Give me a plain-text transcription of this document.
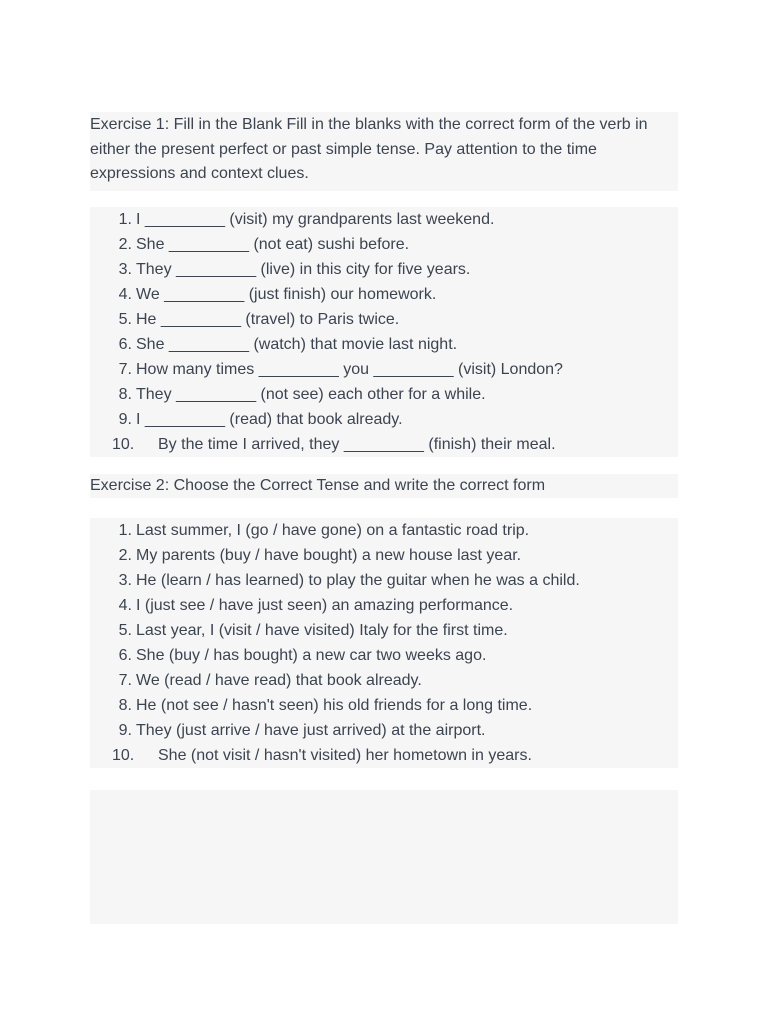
Exercise 1: Fill in the Blank Fill in the blanks with the correct form of the verb in either the present perfect or past simple tense. Pay attention to the time expressions and context clues.
1. I _________ (visit) my grandparents last weekend.
2. She _________ (not eat) sushi before.
3. They _________ (live) in this city for five years.
4. We _________ (just finish) our homework.
5. He _________ (travel) to Paris twice.
6. She _________ (watch) that movie last night.
7. How many times _________ you _________ (visit) London?
8. They _________ (not see) each other for a while.
9. I _________ (read) that book already.
10. By the time I arrived, they _________ (finish) their meal.
Exercise 2: Choose the Correct Tense and write the correct form
1. Last summer, I (go / have gone) on a fantastic road trip.
2. My parents (buy / have bought) a new house last year.
3. He (learn / has learned) to play the guitar when he was a child.
4. I (just see / have just seen) an amazing performance.
5. Last year, I (visit / have visited) Italy for the first time.
6. She (buy / has bought) a new car two weeks ago.
7. We (read / have read) that book already.
8. He (not see / hasn't seen) his old friends for a long time.
9. They (just arrive / have just arrived) at the airport.
10. She (not visit / hasn't visited) her hometown in years.
